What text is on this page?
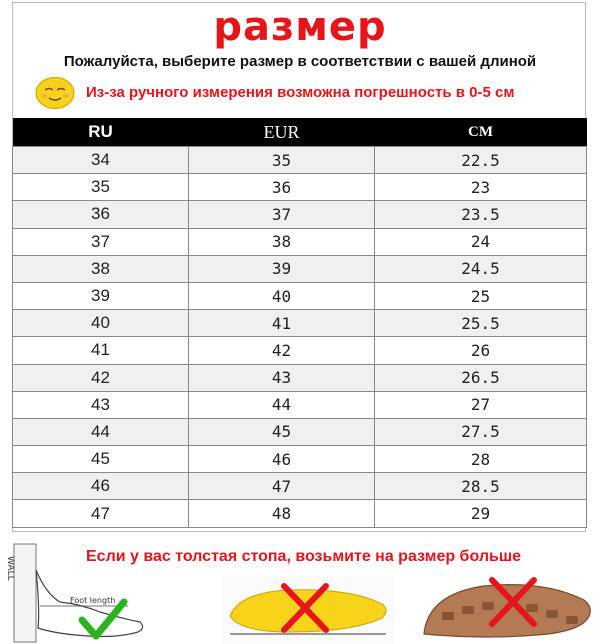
размер
Пожалуйста, выберите размер в соответствии с вашей длиной
Из-за ручного измерения возможна погрешность в 0-5 см
RU	EUR	CM
34	35	22.5
35	36	23
36	37	23.5
37	38	24
38	39	24.5
39	40	25
40	41	25.5
41	42	26
42	43	26.5
43	44	27
44	45	27.5
45	46	28
46	47	28.5
47	48	29
WALL
Foot length
Если у вас толстая стопа, возьмите на размер больше
